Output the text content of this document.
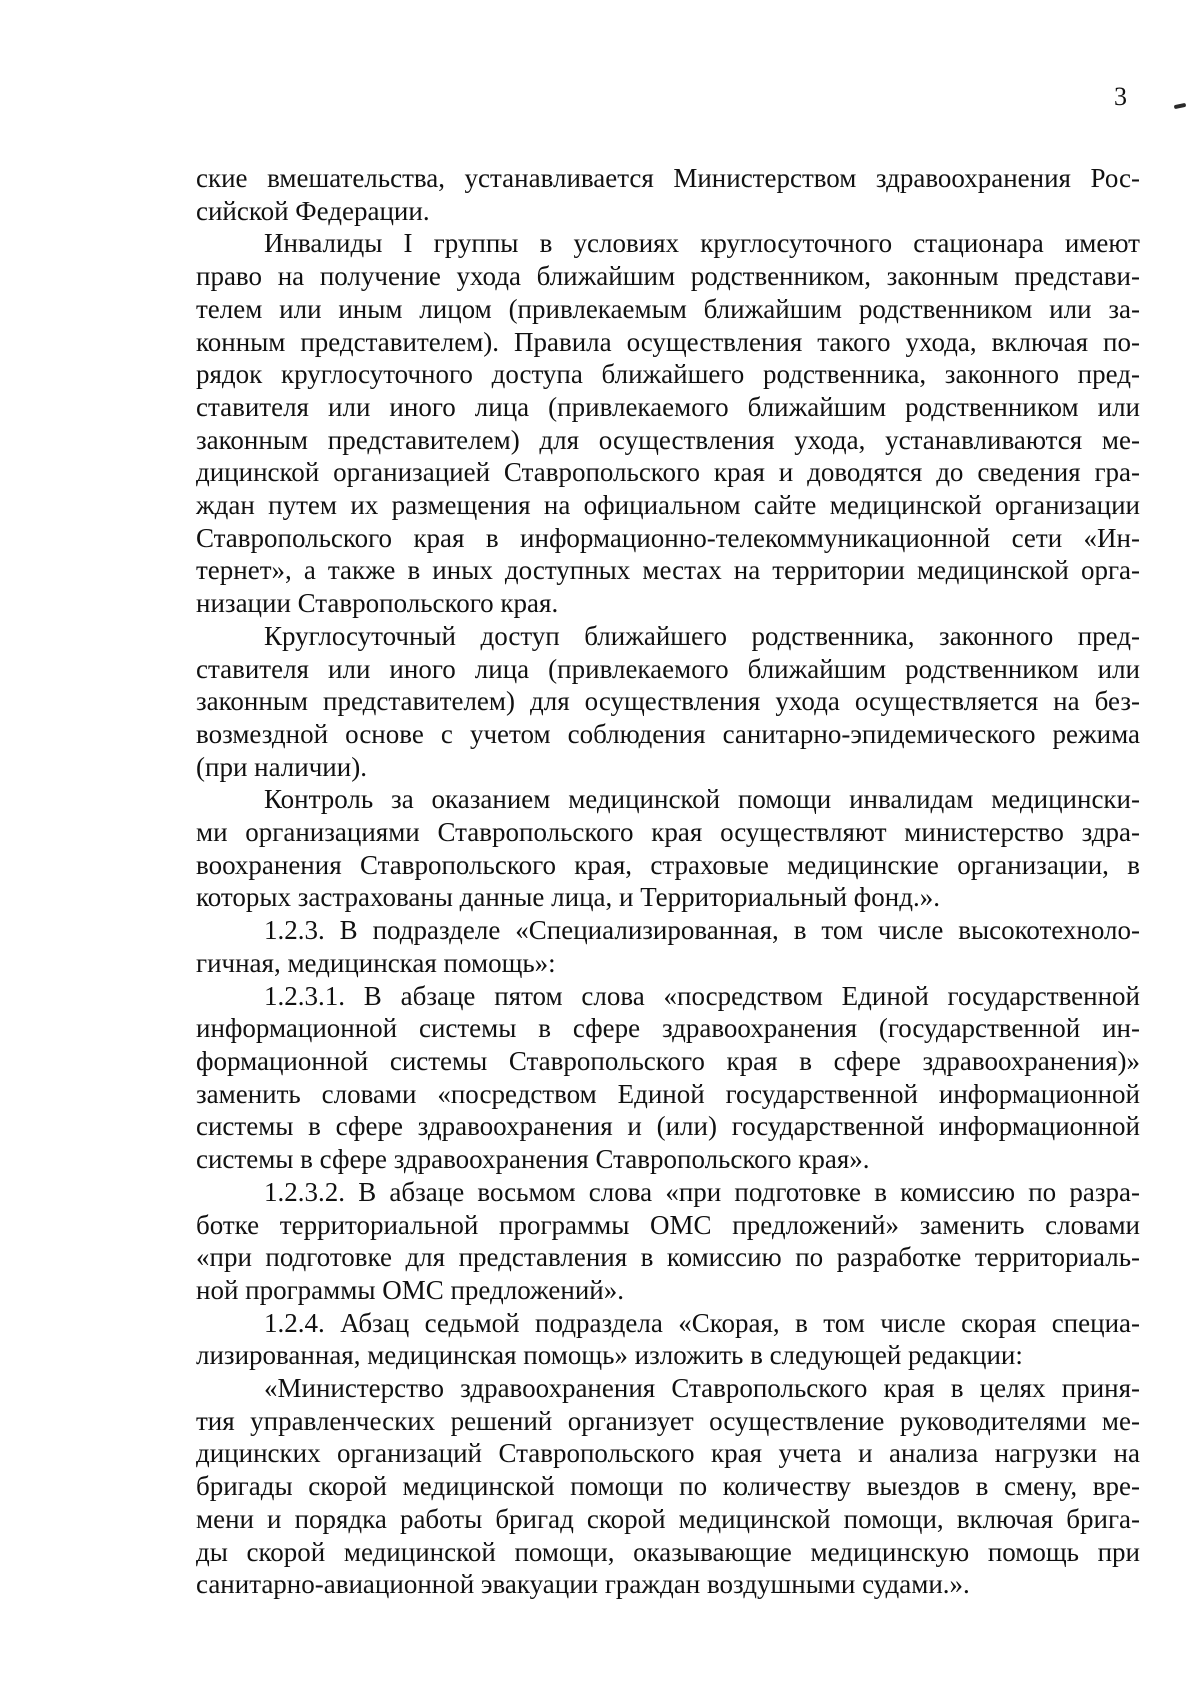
3

ские вмешательства, устанавливается Министерством здравоохранения Рос-
сийской Федерации.

Инвалиды I группы в условиях круглосуточного стационара имеют
право на получение ухода ближайшим родственником, законным представи-
телем или иным лицом (привлекаемым ближайшим родственником или за-
конным представителем). Правила осуществления такого ухода, включая по-
рядок круглосуточного доступа ближайшего родственника, законного пред-
ставителя или иного лица (привлекаемого ближайшим родственником или
законным представителем) для осуществления ухода, устанавливаются ме-
дицинской организацией Ставропольского края и доводятся до сведения гра-
ждан путем их размещения на официальном сайте медицинской организации
Ставропольского края в информационно-телекоммуникационной сети «Ин-
тернет», а также в иных доступных местах на территории медицинской орга-
низации Ставропольского края.

Круглосуточный доступ ближайшего родственника, законного пред-
ставителя или иного лица (привлекаемого ближайшим родственником или
законным представителем) для осуществления ухода осуществляется на без-
возмездной основе с учетом соблюдения санитарно-эпидемического режима
(при наличии).

Контроль за оказанием медицинской помощи инвалидам медицински-
ми организациями Ставропольского края осуществляют министерство здра-
воохранения Ставропольского края, страховые медицинские организации, в
которых застрахованы данные лица, и Территориальный фонд.».

1.2.3. В подразделе «Специализированная, в том числе высокотехноло-
гичная, медицинская помощь»:

1.2.3.1. В абзаце пятом слова «посредством Единой государственной
информационной системы в сфере здравоохранения (государственной ин-
формационной системы Ставропольского края в сфере здравоохранения)»
заменить словами «посредством Единой государственной информационной
системы в сфере здравоохранения и (или) государственной информационной
системы в сфере здравоохранения Ставропольского края».

1.2.3.2. В абзаце восьмом слова «при подготовке в комиссию по разра-
ботке территориальной программы ОМС предложений» заменить словами
«при подготовке для представления в комиссию по разработке территориаль-
ной программы ОМС предложений».

1.2.4. Абзац седьмой подраздела «Скорая, в том числе скорая специа-
лизированная, медицинская помощь» изложить в следующей редакции:

«Министерство здравоохранения Ставропольского края в целях приня-
тия управленческих решений организует осуществление руководителями ме-
дицинских организаций Ставропольского края учета и анализа нагрузки на
бригады скорой медицинской помощи по количеству выездов в смену, вре-
мени и порядка работы бригад скорой медицинской помощи, включая брига-
ды скорой медицинской помощи, оказывающие медицинскую помощь при
санитарно-авиационной эвакуации граждан воздушными судами.».
